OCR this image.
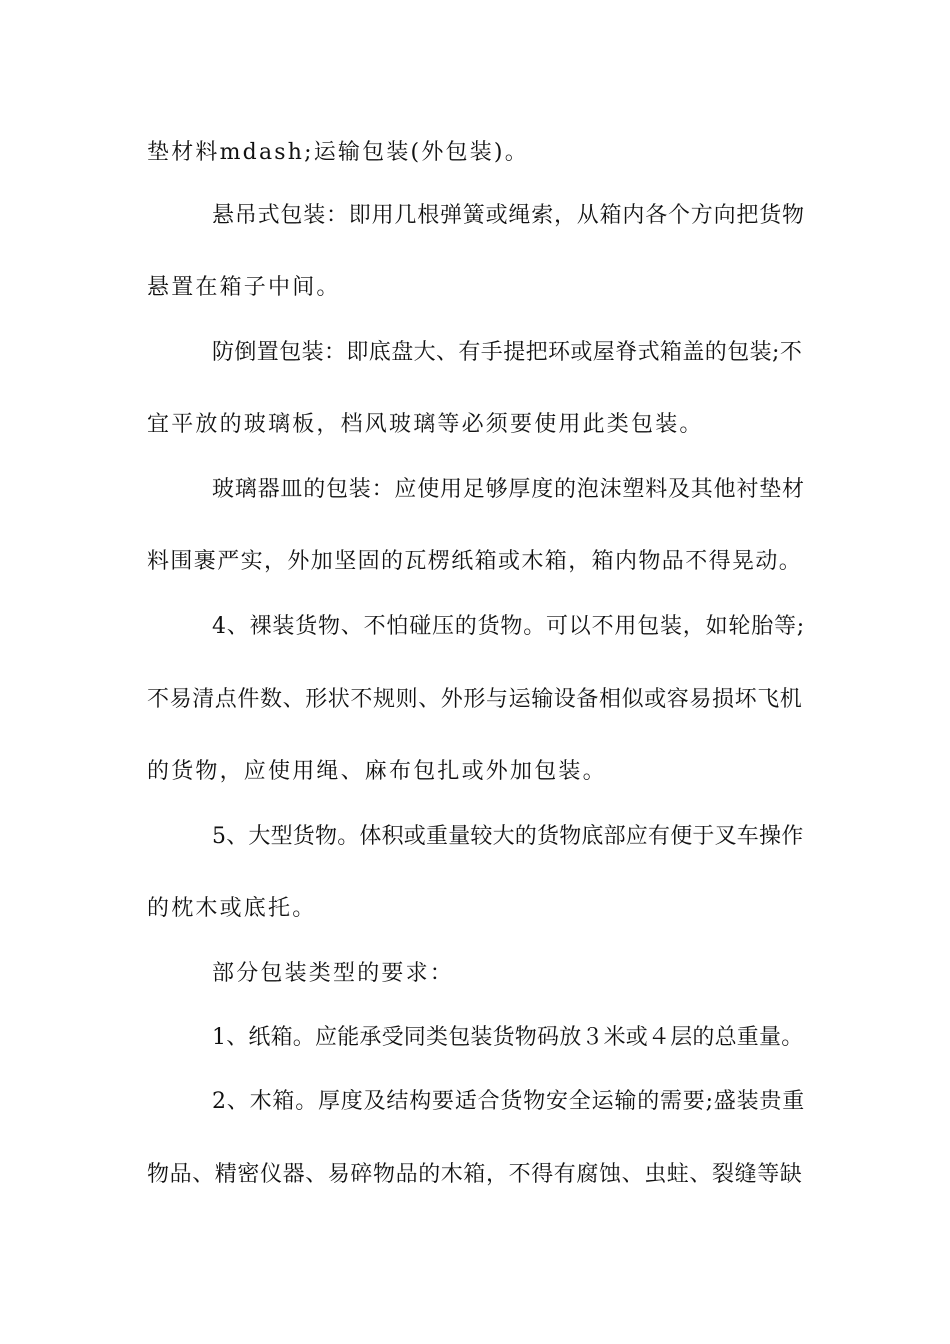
垫材料mdash;运输包装(外包装)。
悬吊式包装：即用几根弹簧或绳索，从箱内各个方向把货物
悬置在箱子中间。
防倒置包装：即底盘大、有手提把环或屋脊式箱盖的包装;不
宜平放的玻璃板，档风玻璃等必须要使用此类包装。
玻璃器皿的包装：应使用足够厚度的泡沫塑料及其他衬垫材
料围裹严实，外加坚固的瓦楞纸箱或木箱，箱内物品不得晃动。
4、裸装货物、不怕碰压的货物。可以不用包装，如轮胎等;
不易清点件数、形状不规则、外形与运输设备相似或容易损坏飞机
的货物，应使用绳、麻布包扎或外加包装。
5、大型货物。体积或重量较大的货物底部应有便于叉车操作
的枕木或底托。
部分包装类型的要求：
1、纸箱。应能承受同类包装货物码放３米或４层的总重量。
2、木箱。厚度及结构要适合货物安全运输的需要;盛装贵重
物品、精密仪器、易碎物品的木箱，不得有腐蚀、虫蛀、裂缝等缺
